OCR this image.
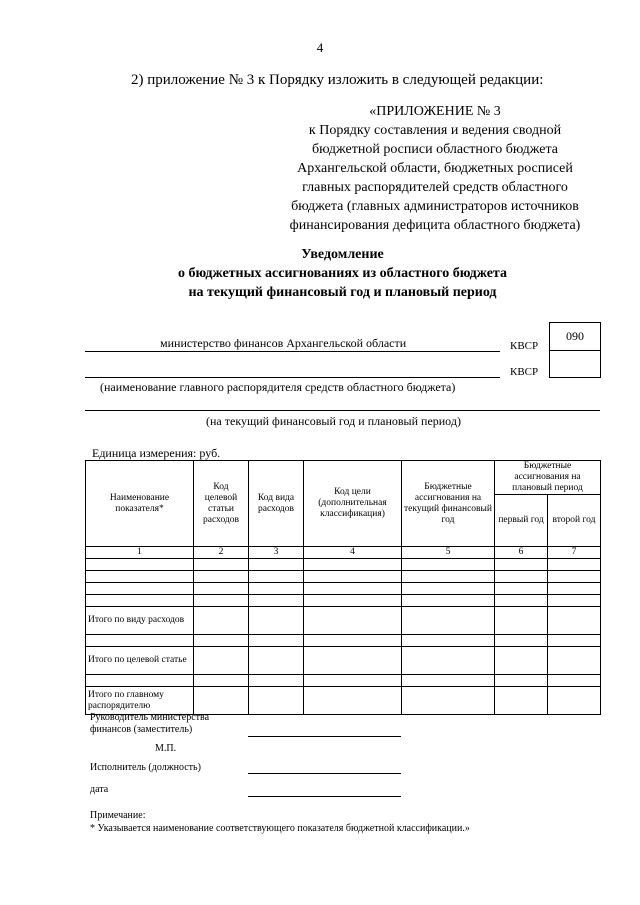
4
2) приложение № 3 к Порядку изложить в следующей редакции:
«ПРИЛОЖЕНИЕ № 3
к Порядку составления и ведения сводной
бюджетной росписи областного бюджета
Архангельской области, бюджетных росписей
главных распорядителей средств областного
бюджета (главных администраторов источников
финансирования дефицита областного бюджета)
Уведомление
о бюджетных ассигнованиях из областного бюджета
на текущий финансовый год и плановый период
министерство финансов Архангельской области	КВСР
090
КВСР
(наименование главного распорядителя средств областного бюджета)
(на текущий финансовый год и плановый период)
Единица измерения: руб.
Наименование показателя*	Код целевой статьи расходов	Код вида расходов	Код цели (дополнительная классификация)	Бюджетные ассигнования на текущий финансовый год	Бюджетные ассигнования на плановый период	
					первый год	второй год
1	2	3	4	5	6	7

Итого по виду расходов						

Итого по целевой статье						

Итого по главному распорядителю						
Руководитель министерства финансов (заместитель)
М.П.
Исполнитель (должность)
дата
Примечание:
* Указывается наименование соответствующего показателя бюджетной классификации.»
